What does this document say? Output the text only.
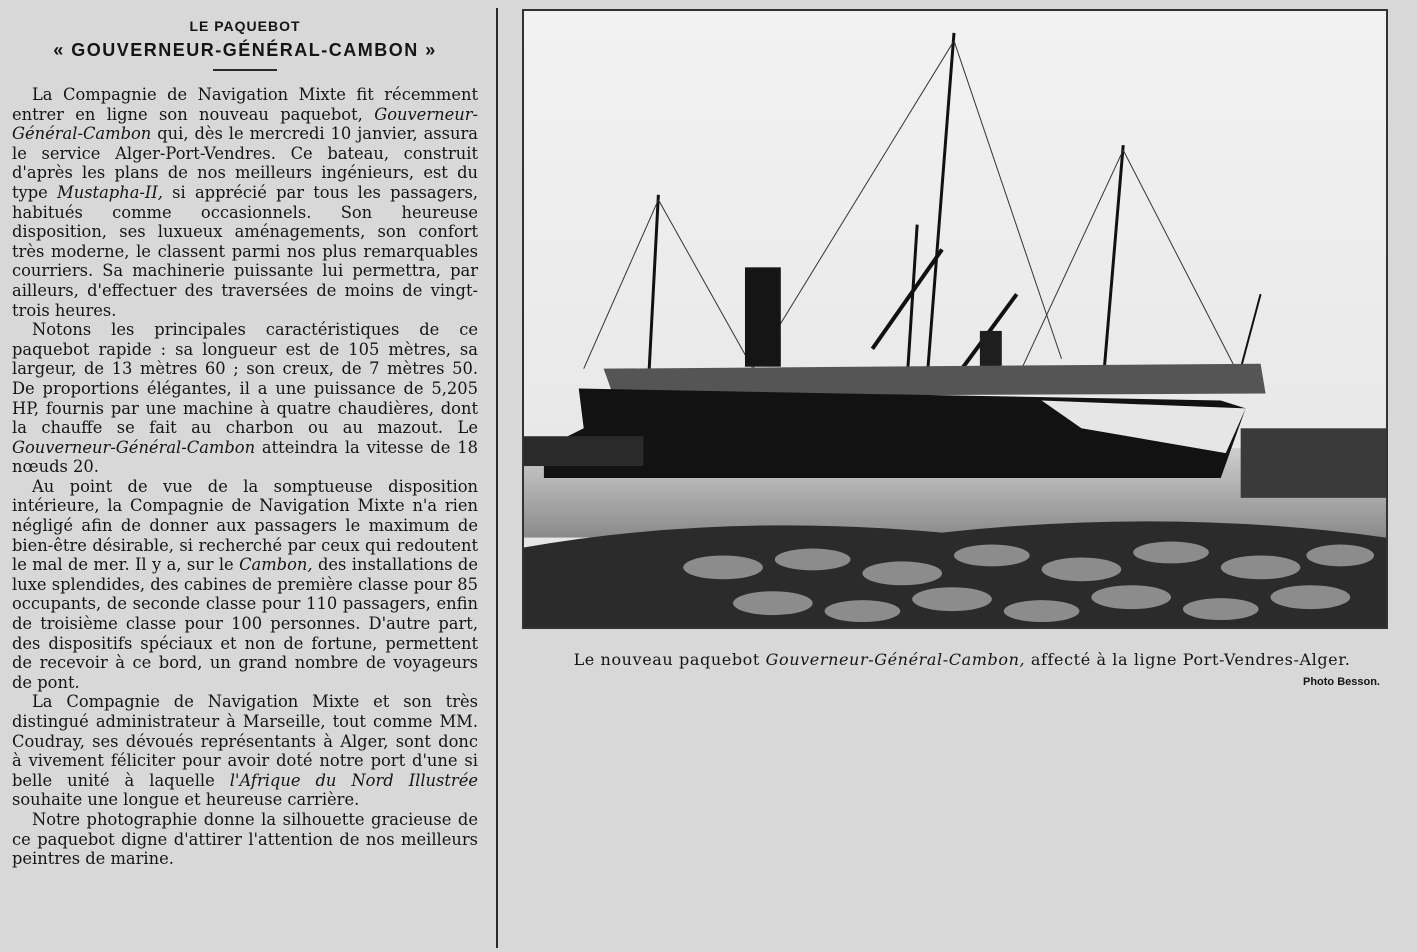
LE PAQUEBOT
« GOUVERNEUR-GÉNÉRAL-CAMBON »

La Compagnie de Navigation Mixte fit récemment entrer en ligne son nouveau paquebot, Gouverneur-Général-Cambon qui, dès le mercredi 10 janvier, assura le service Alger-Port-Vendres. Ce bateau, construit d'après les plans de nos meilleurs ingénieurs, est du type Mustapha-II, si apprécié par tous les passagers, habitués comme occasionnels. Son heureuse disposition, ses luxueux aménagements, son confort très moderne, le classent parmi nos plus remarquables courriers. Sa machinerie puissante lui permettra, par ailleurs, d'effectuer des traversées de moins de vingt-trois heures.

Notons les principales caractéristiques de ce paquebot rapide : sa longueur est de 105 mètres, sa largeur, de 13 mètres 60 ; son creux, de 7 mètres 50. De proportions élégantes, il a une puissance de 5,205 HP, fournis par une machine à quatre chaudières, dont la chauffe se fait au charbon ou au mazout. Le Gouverneur-Général-Cambon atteindra la vitesse de 18 nœuds 20.

Au point de vue de la somptueuse disposition intérieure, la Compagnie de Navigation Mixte n'a rien négligé afin de donner aux passagers le maximum de bien-être désirable, si recherché par ceux qui redoutent le mal de mer. Il y a, sur le Cambon, des installations de luxe splendides, des cabines de première classe pour 85 occupants, de seconde classe pour 110 passagers, enfin de troisième classe pour 100 personnes. D'autre part, des dispositifs spéciaux et non de fortune, permettent de recevoir à ce bord, un grand nombre de voyageurs de pont.

La Compagnie de Navigation Mixte et son très distingué administrateur à Marseille, tout comme MM. Coudray, ses dévoués représentants à Alger, sont donc à vivement féliciter pour avoir doté notre port d'une si belle unité à laquelle l'Afrique du Nord Illustrée souhaite une longue et heureuse carrière.

Notre photographie donne la silhouette gracieuse de ce paquebot digne d'attirer l'attention de nos meilleurs peintres de marine.

Le nouveau paquebot Gouverneur-Général-Cambon, affecté à la ligne Port-Vendres-Alger.
Photo Besson.
